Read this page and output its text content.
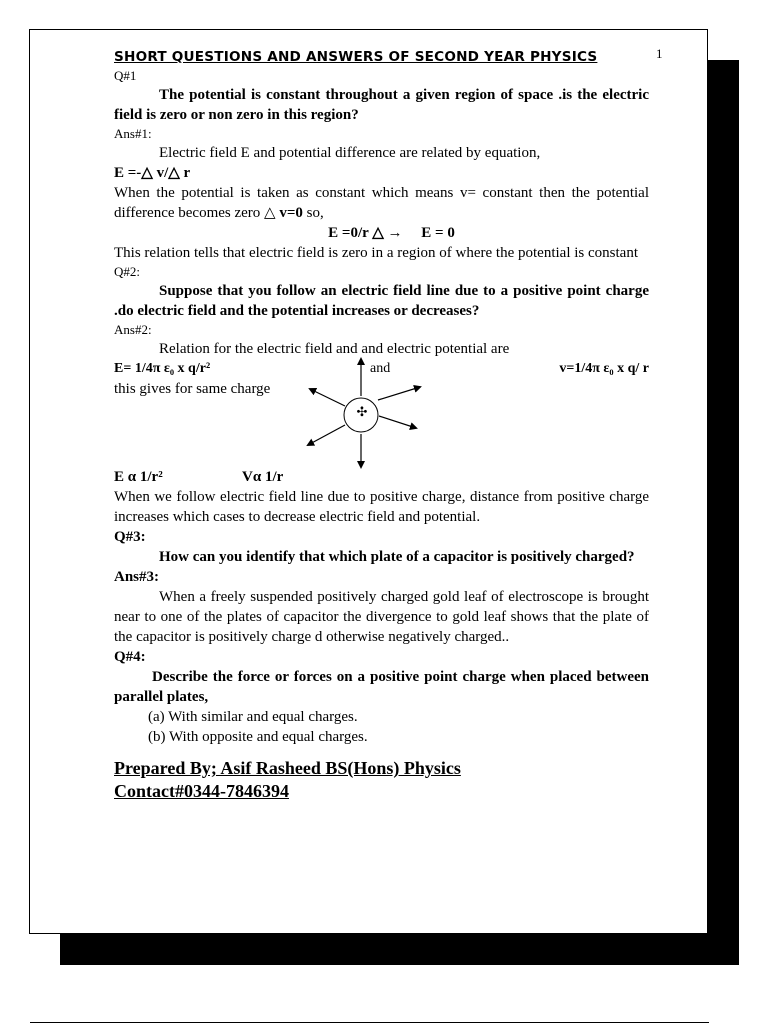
1
SHORT QUESTIONS AND ANSWERS OF SECOND YEAR PHYSICS
Q#1

The potential is constant throughout a given region of space .is the electric field is zero or non zero in this region?

Ans#1:

Electric field E and potential difference are related by equation,

E =-△ v/△ r

When the potential is taken as constant which means v= constant then the potential difference becomes zero △ v=0 so,

E =0/r △ →     E = 0

This relation tells that electric field is zero in a region of where the potential is constant

Q#2:

Suppose that you follow an electric field line due to a positive point charge .do electric field and the potential increases or decreases?

Ans#2:

Relation for the electric field and and electric potential are

E= 1/4π ε₀ x q/r²	and	v=1/4π ε₀ x q/ r
this gives for same charge
✣
E α 1/r²	Vα 1/r

When we follow electric field line due to positive charge, distance from positive charge increases which cases to decrease electric field and potential.

Q#3:

How can you identify that which plate of a capacitor is positively charged?

Ans#3:

When a freely suspended positively charged gold leaf of electroscope is brought near to one of the plates of capacitor the divergence to gold leaf shows that the plate of the capacitor is positively charge d otherwise negatively charged..

Q#4:

Describe the force or forces on a positive point charge when placed between parallel plates,

(a) With similar and equal charges.
(b) With opposite and equal charges.
Prepared By; Asif Rasheed BS(Hons) Physics
Contact#0344-7846394
